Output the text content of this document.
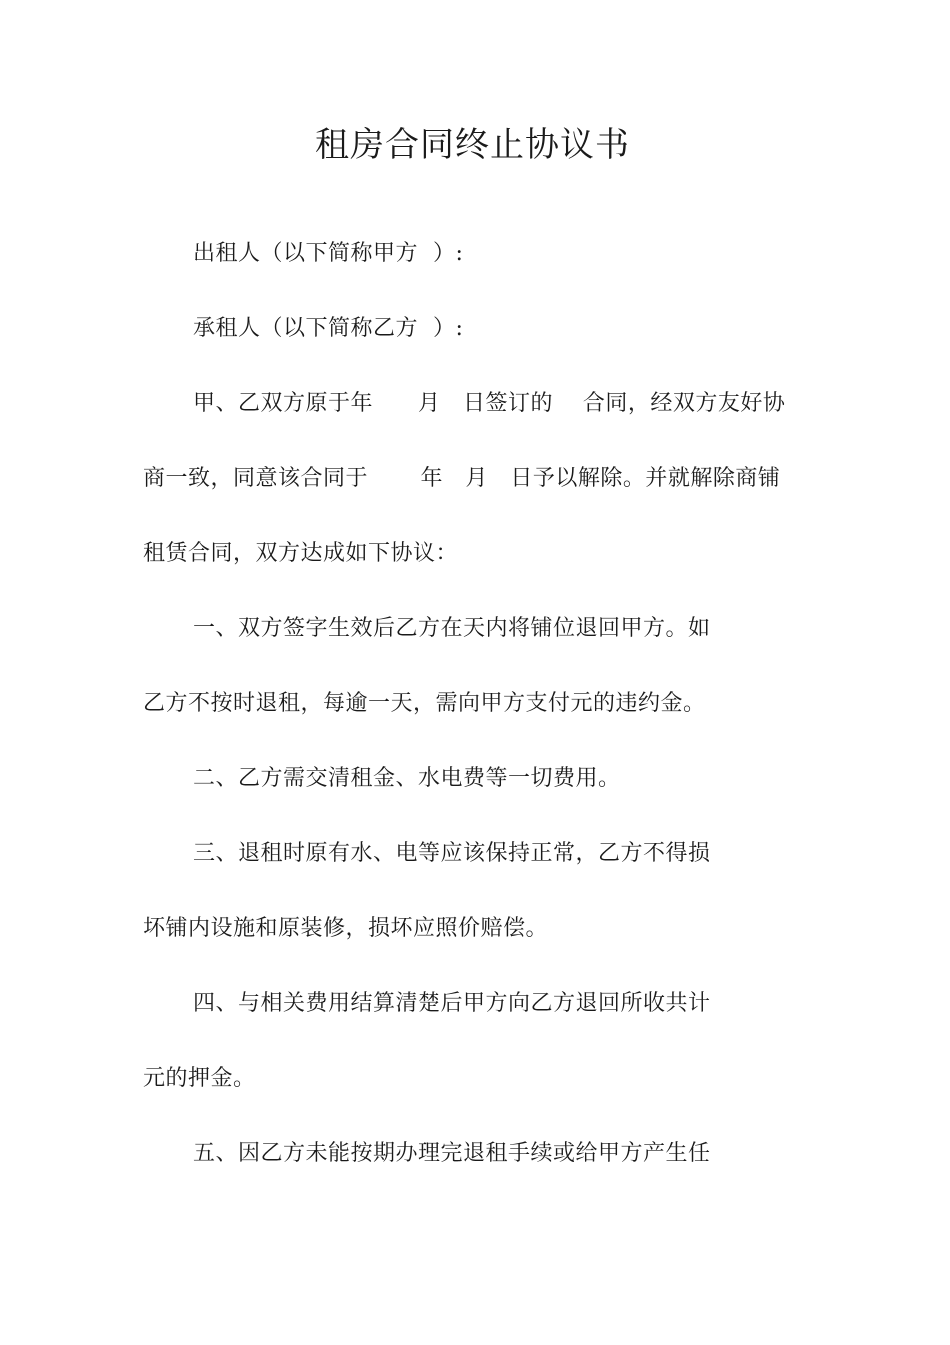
租房合同终止协议书
出租人（以下简称甲方  ）:
承租人（以下简称乙方  ）:
甲、乙双方原于年      月   日签订的    合同，经双方友好协
商一致，同意该合同于       年   月   日予以解除。并就解除商铺
租赁合同，双方达成如下协议：
一、双方签字生效后乙方在天内将铺位退回甲方。如
乙方不按时退租，每逾一天，需向甲方支付元的违约金。
二、乙方需交清租金、水电费等一切费用。
三、退租时原有水、电等应该保持正常，乙方不得损
坏铺内设施和原装修，损坏应照价赔偿。
四、与相关费用结算清楚后甲方向乙方退回所收共计
元的押金。
五、因乙方未能按期办理完退租手续或给甲方产生任
